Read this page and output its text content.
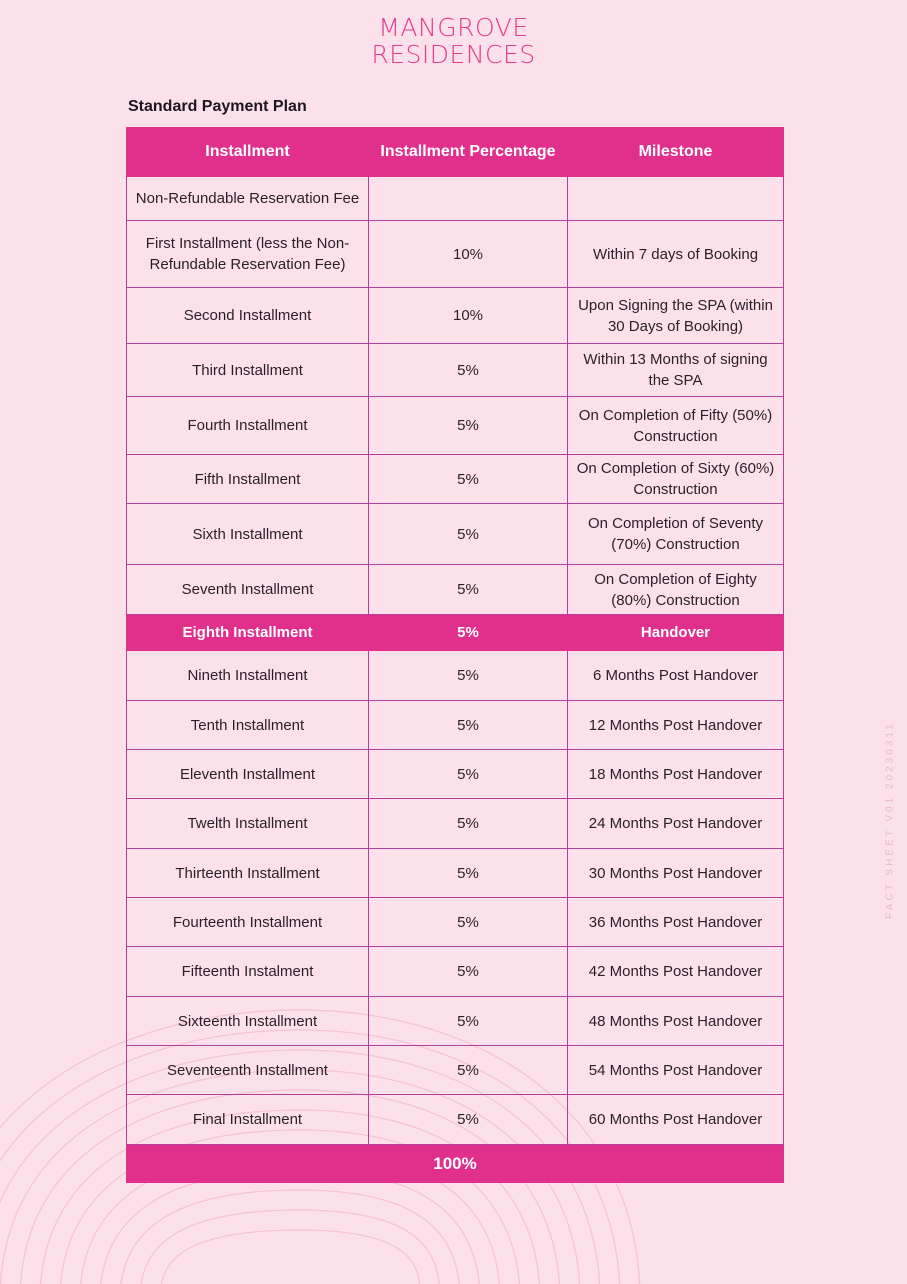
MANGROVE
RESIDENCES
Standard Payment Plan
FACT SHEET V01 20230311
Installment	Installment Percentage	Milestone
Non-Refundable Reservation Fee		
First Installment (less the Non-Refundable Reservation Fee)	10%	Within 7 days of Booking
Second Installment	10%	Upon Signing the SPA (within 30 Days of Booking)
Third Installment	5%	Within 13 Months of signing the SPA
Fourth Installment	5%	On Completion of Fifty (50%) Construction
Fifth Installment	5%	On Completion of Sixty (60%) Construction
Sixth Installment	5%	On Completion of Seventy (70%) Construction
Seventh Installment	5%	On Completion of Eighty (80%) Construction
Eighth Installment	5%	Handover
Nineth Installment	5%	6 Months Post Handover
Tenth Installment	5%	12 Months Post Handover
Eleventh Installment	5%	18 Months Post Handover
Twelth Installment	5%	24 Months Post Handover
Thirteenth Installment	5%	30 Months Post Handover
Fourteenth Installment	5%	36 Months Post Handover
Fifteenth Instalment	5%	42 Months Post Handover
Sixteenth Installment	5%	48 Months Post Handover
Seventeenth Installment	5%	54 Months Post Handover
Final Installment	5%	60 Months Post Handover
100%		
